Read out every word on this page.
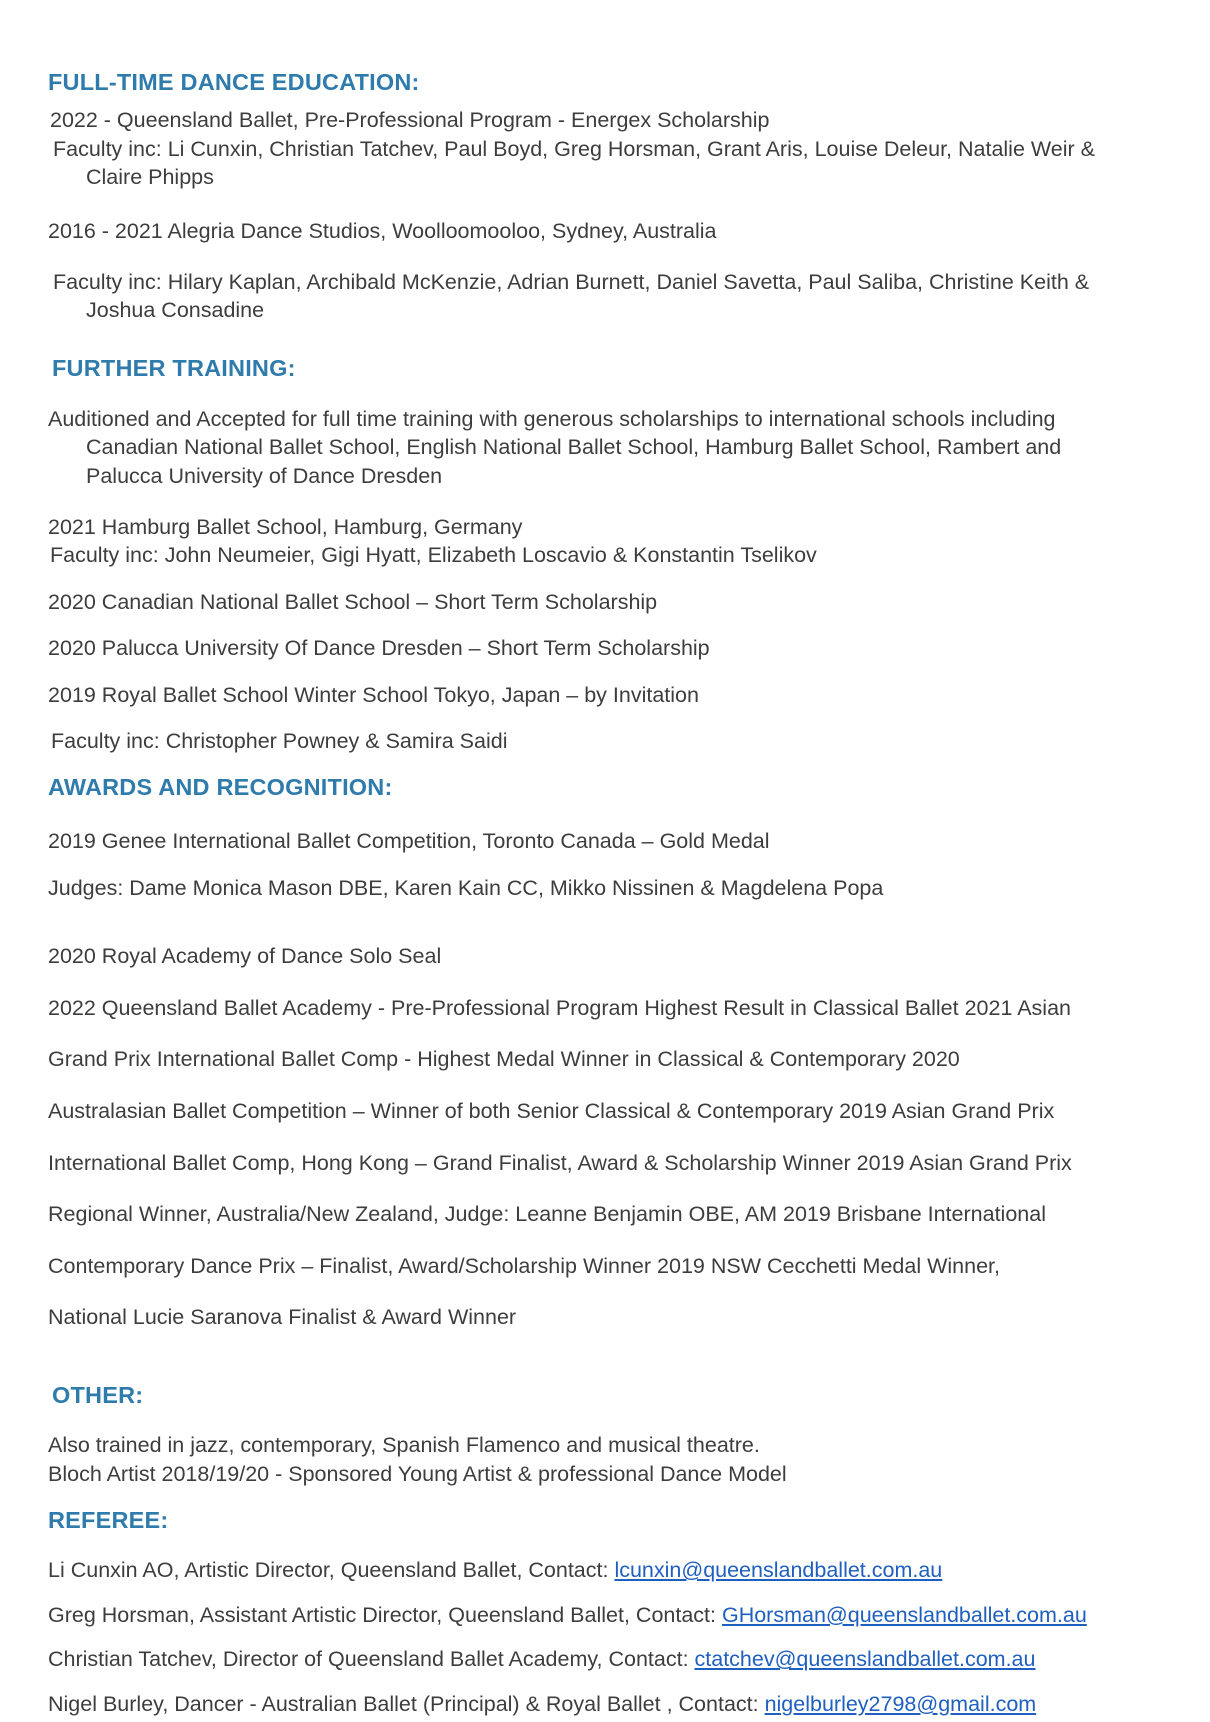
FULL-TIME DANCE EDUCATION:

2022 - Queensland Ballet, Pre-Professional Program - Energex Scholarship

Faculty inc: Li Cunxin, Christian Tatchev, Paul Boyd, Greg Horsman, Grant Aris, Louise Deleur, Natalie Weir & Claire Phipps

2016 - 2021 Alegria Dance Studios, Woolloomooloo, Sydney, Australia

Faculty inc: Hilary Kaplan, Archibald McKenzie, Adrian Burnett, Daniel Savetta, Paul Saliba, Christine Keith & Joshua Consadine

FURTHER TRAINING:

Auditioned and Accepted for full time training with generous scholarships to international schools including Canadian National Ballet School, English National Ballet School, Hamburg Ballet School, Rambert and Palucca University of Dance Dresden

2021 Hamburg Ballet School, Hamburg, Germany

Faculty inc: John Neumeier, Gigi Hyatt, Elizabeth Loscavio & Konstantin Tselikov

2020 Canadian National Ballet School – Short Term Scholarship

2020 Palucca University Of Dance Dresden – Short Term Scholarship

2019 Royal Ballet School Winter School Tokyo, Japan – by Invitation

Faculty inc: Christopher Powney & Samira Saidi

AWARDS AND RECOGNITION:

2019 Genee International Ballet Competition, Toronto Canada – Gold Medal

Judges: Dame Monica Mason DBE, Karen Kain CC, Mikko Nissinen & Magdelena Popa

2020 Royal Academy of Dance Solo Seal

2022 Queensland Ballet Academy - Pre-Professional Program Highest Result in Classical Ballet 2021 Asian

Grand Prix International Ballet Comp - Highest Medal Winner in Classical & Contemporary 2020

Australasian Ballet Competition – Winner of both Senior Classical & Contemporary 2019 Asian Grand Prix

International Ballet Comp, Hong Kong – Grand Finalist, Award & Scholarship Winner 2019 Asian Grand Prix

Regional Winner, Australia/New Zealand, Judge: Leanne Benjamin OBE, AM 2019 Brisbane International

Contemporary Dance Prix – Finalist, Award/Scholarship Winner 2019 NSW Cecchetti Medal Winner,

National Lucie Saranova Finalist & Award Winner

OTHER:

Also trained in jazz, contemporary, Spanish Flamenco and musical theatre.

Bloch Artist 2018/19/20 - Sponsored Young Artist & professional Dance Model

REFEREE:

Li Cunxin AO, Artistic Director, Queensland Ballet, Contact: lcunxin@queenslandballet.com.au

Greg Horsman, Assistant Artistic Director, Queensland Ballet, Contact: GHorsman@queenslandballet.com.au

Christian Tatchev, Director of Queensland Ballet Academy, Contact: ctatchev@queenslandballet.com.au

Nigel Burley, Dancer - Australian Ballet (Principal) & Royal Ballet , Contact: nigelburley2798@gmail.com
